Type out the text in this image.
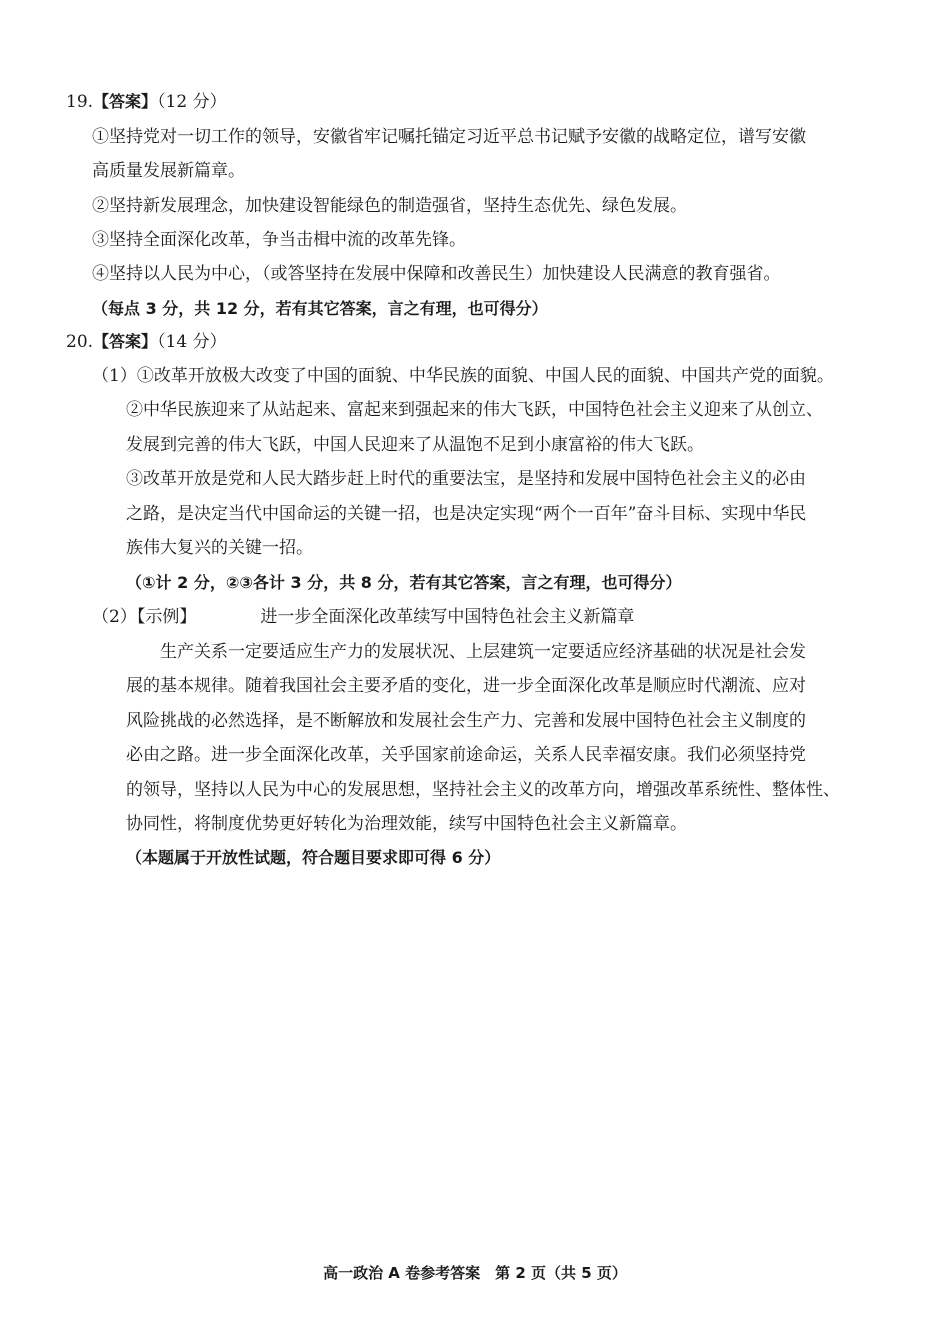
19.【答案】（12 分）
①坚持党对一切工作的领导，安徽省牢记嘱托锚定习近平总书记赋予安徽的战略定位，谱写安徽
高质量发展新篇章。
②坚持新发展理念，加快建设智能绿色的制造强省，坚持生态优先、绿色发展。
③坚持全面深化改革，争当击楫中流的改革先锋。
④坚持以人民为中心，（或答坚持在发展中保障和改善民生）加快建设人民满意的教育强省。
（每点 3 分，共 12 分，若有其它答案，言之有理，也可得分）
20.【答案】（14 分）
（1）①改革开放极大改变了中国的面貌、中华民族的面貌、中国人民的面貌、中国共产党的面貌。
②中华民族迎来了从站起来、富起来到强起来的伟大飞跃，中国特色社会主义迎来了从创立、
发展到完善的伟大飞跃，中国人民迎来了从温饱不足到小康富裕的伟大飞跃。
③改革开放是党和人民大踏步赶上时代的重要法宝，是坚持和发展中国特色社会主义的必由
之路，是决定当代中国命运的关键一招，也是决定实现“两个一百年”奋斗目标、实现中华民
族伟大复兴的关键一招。
（①计 2 分，②③各计 3 分，共 8 分，若有其它答案，言之有理，也可得分）
（2）【示例】	进一步全面深化改革续写中国特色社会主义新篇章
生产关系一定要适应生产力的发展状况、上层建筑一定要适应经济基础的状况是社会发
展的基本规律。随着我国社会主要矛盾的变化，进一步全面深化改革是顺应时代潮流、应对
风险挑战的必然选择，是不断解放和发展社会生产力、完善和发展中国特色社会主义制度的
必由之路。进一步全面深化改革，关乎国家前途命运，关系人民幸福安康。我们必须坚持党
的领导，坚持以人民为中心的发展思想，坚持社会主义的改革方向，增强改革系统性、整体性、
协同性，将制度优势更好转化为治理效能，续写中国特色社会主义新篇章。
（本题属于开放性试题，符合题目要求即可得 6 分）
高一政治 A 卷参考答案　第 2 页（共 5 页）
